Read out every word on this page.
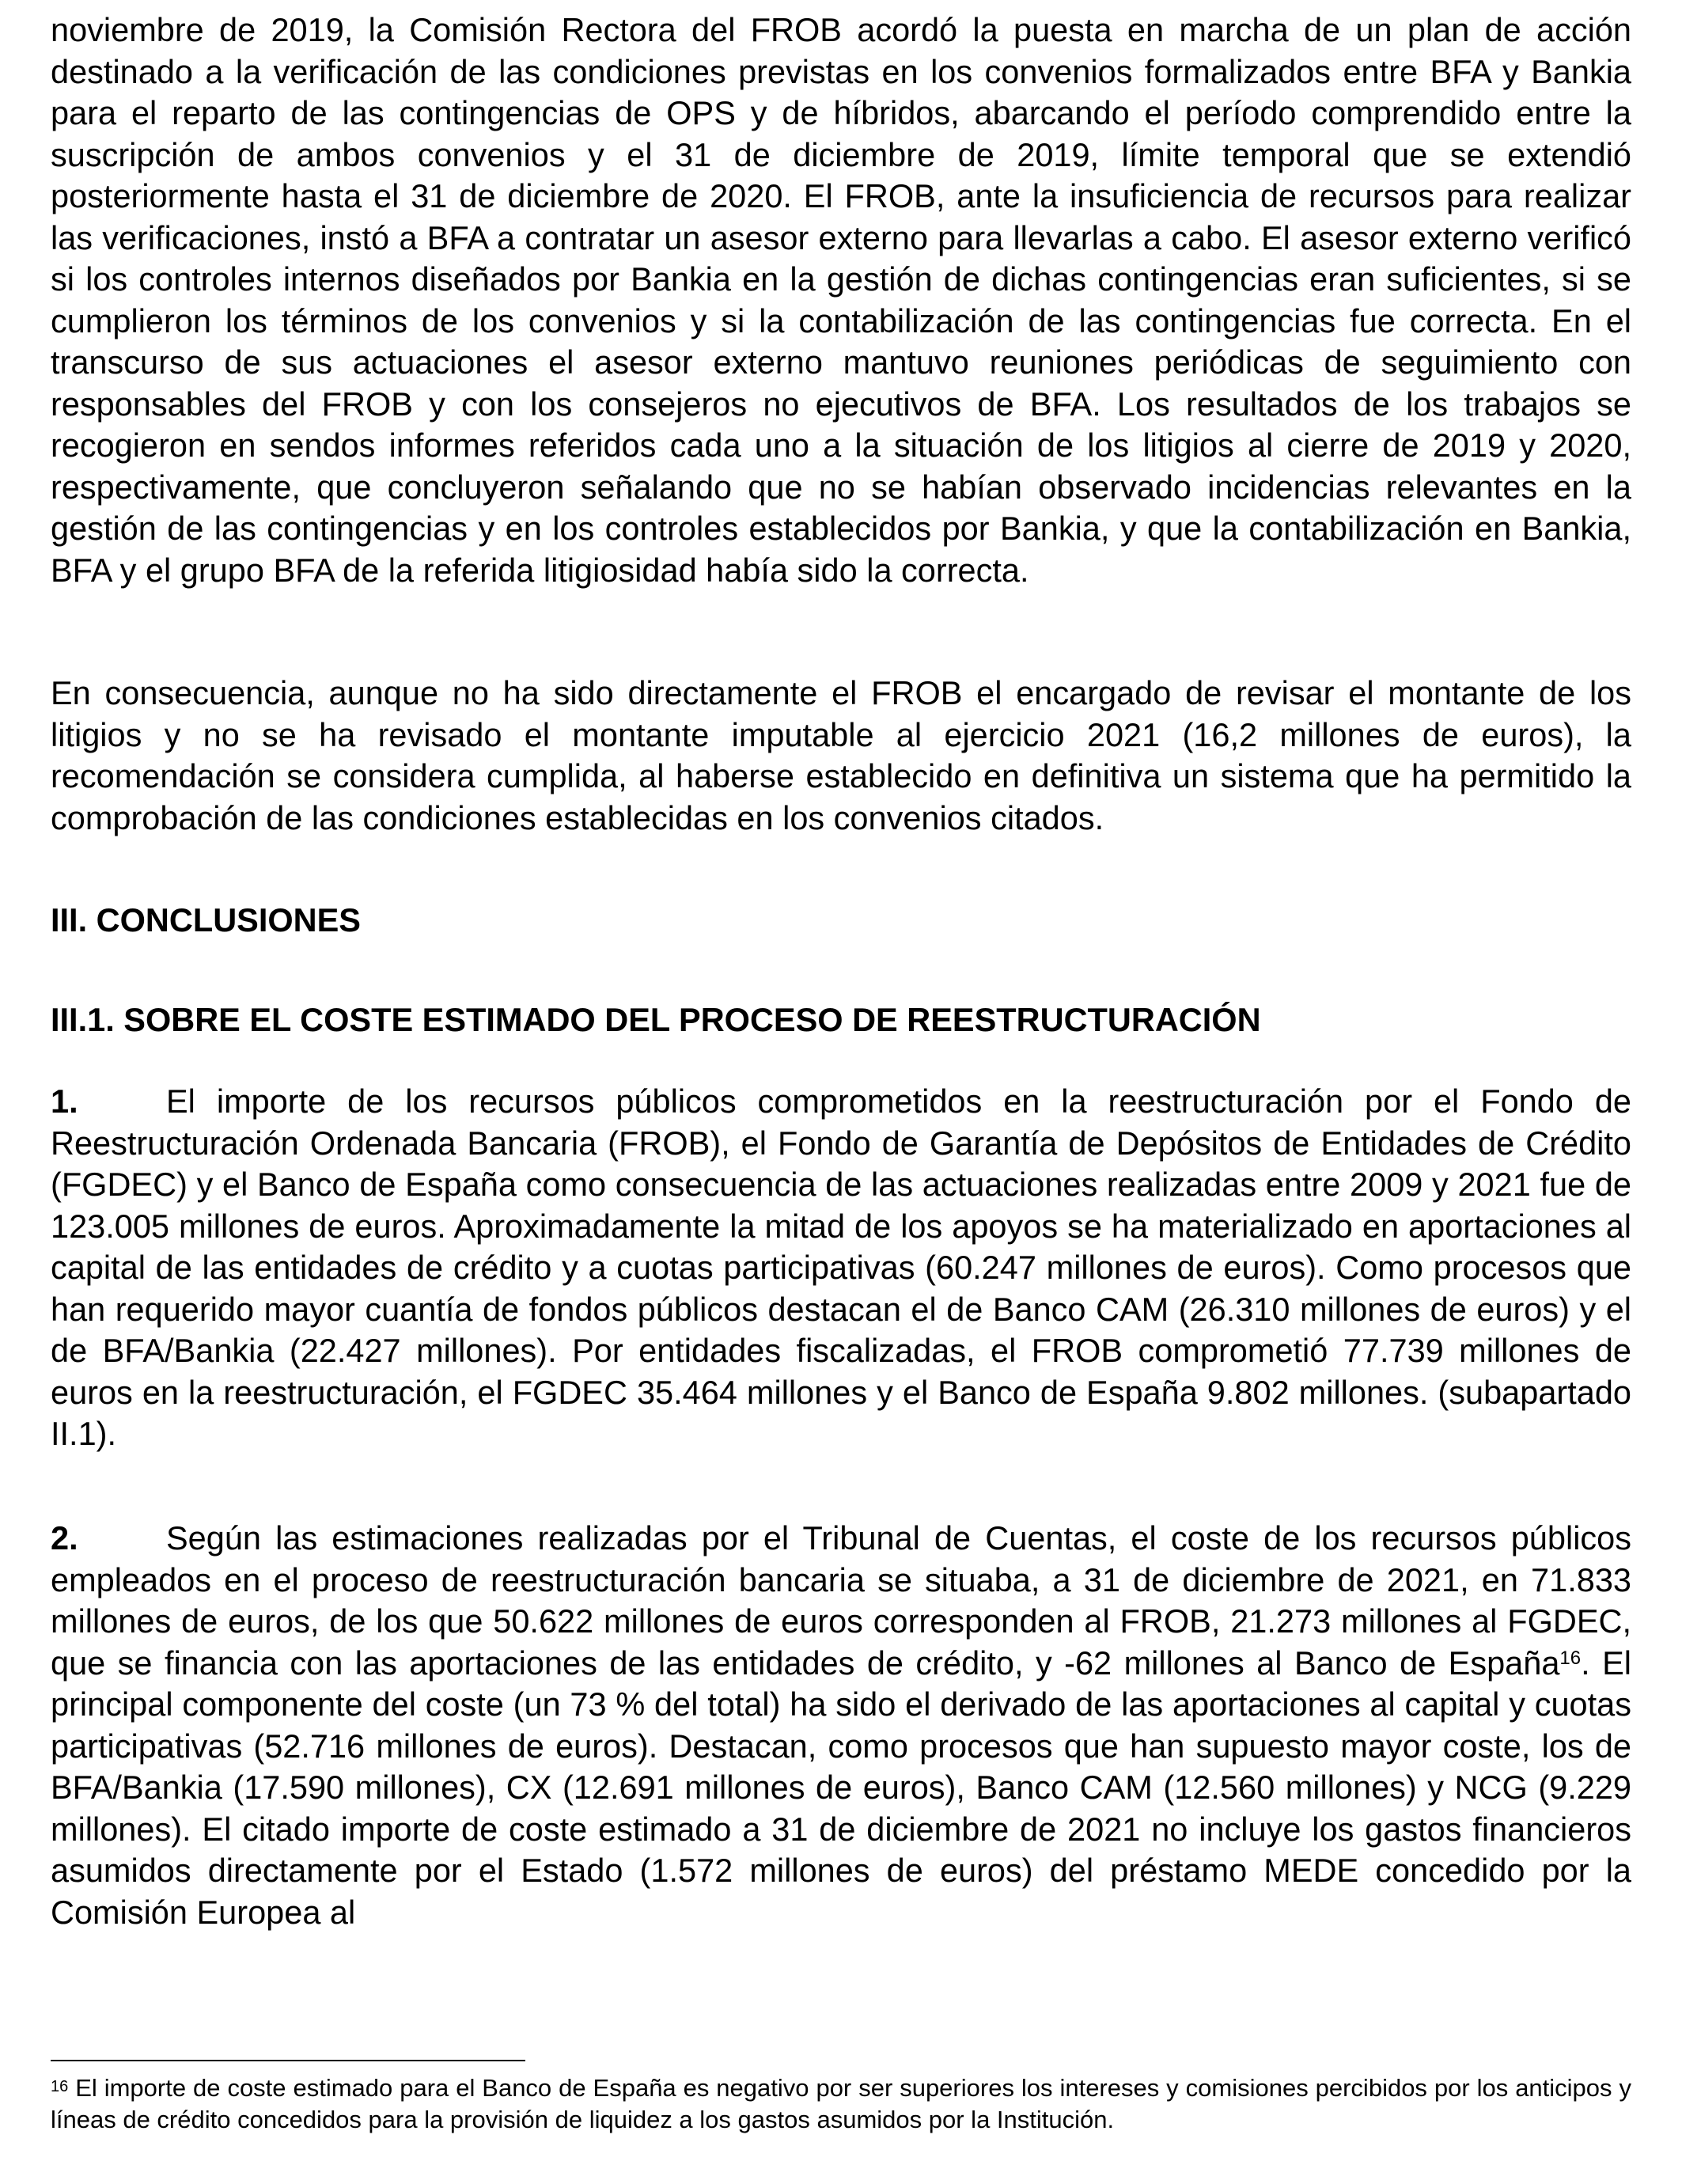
noviembre de 2019, la Comisión Rectora del FROB acordó la puesta en marcha de un plan de acción destinado a la verificación de las condiciones previstas en los convenios formalizados entre BFA y Bankia para el reparto de las contingencias de OPS y de híbridos, abarcando el período comprendido entre la suscripción de ambos convenios y el 31 de diciembre de 2019, límite temporal que se extendió posteriormente hasta el 31 de diciembre de 2020. El FROB, ante la insuficiencia de recursos para realizar las verificaciones, instó a BFA a contratar un asesor externo para llevarlas a cabo. El asesor externo verificó si los controles internos diseñados por Bankia en la gestión de dichas contingencias eran suficientes, si se cumplieron los términos de los convenios y si la contabilización de las contingencias fue correcta. En el transcurso de sus actuaciones el asesor externo mantuvo reuniones periódicas de seguimiento con responsables del FROB y con los consejeros no ejecutivos de BFA. Los resultados de los trabajos se recogieron en sendos informes referidos cada uno a la situación de los litigios al cierre de 2019 y 2020, respectivamente, que concluyeron señalando que no se habían observado incidencias relevantes en la gestión de las contingencias y en los controles establecidos por Bankia, y que la contabilización en Bankia, BFA y el grupo BFA de la referida litigiosidad había sido la correcta.

En consecuencia, aunque no ha sido directamente el FROB el encargado de revisar el montante de los litigios y no se ha revisado el montante imputable al ejercicio 2021 (16,2 millones de euros), la recomendación se considera cumplida, al haberse establecido en definitiva un sistema que ha permitido la comprobación de las condiciones establecidas en los convenios citados.

III. CONCLUSIONES
III.1. SOBRE EL COSTE ESTIMADO DEL PROCESO DE REESTRUCTURACIÓN

1.	El importe de los recursos públicos comprometidos en la reestructuración por el Fondo de Reestructuración Ordenada Bancaria (FROB), el Fondo de Garantía de Depósitos de Entidades de Crédito (FGDEC) y el Banco de España como consecuencia de las actuaciones realizadas entre 2009 y 2021 fue de 123.005 millones de euros. Aproximadamente la mitad de los apoyos se ha materializado en aportaciones al capital de las entidades de crédito y a cuotas participativas (60.247 millones de euros). Como procesos que han requerido mayor cuantía de fondos públicos destacan el de Banco CAM (26.310 millones de euros) y el de BFA/Bankia (22.427 millones). Por entidades fiscalizadas, el FROB comprometió 77.739 millones de euros en la reestructuración, el FGDEC 35.464 millones y el Banco de España 9.802 millones. (subapartado II.1).

2.	Según las estimaciones realizadas por el Tribunal de Cuentas, el coste de los recursos públicos empleados en el proceso de reestructuración bancaria se situaba, a 31 de diciembre de 2021, en 71.833 millones de euros, de los que 50.622 millones de euros corresponden al FROB, 21.273 millones al FGDEC, que se financia con las aportaciones de las entidades de crédito, y -62 millones al Banco de España$^{16}$. El principal componente del coste (un 73 % del total) ha sido el derivado de las aportaciones al capital y cuotas participativas (52.716 millones de euros). Destacan, como procesos que han supuesto mayor coste, los de BFA/Bankia (17.590 millones), CX (12.691 millones de euros), Banco CAM (12.560 millones) y NCG (9.229 millones). El citado importe de coste estimado a 31 de diciembre de 2021 no incluye los gastos financieros asumidos directamente por el Estado (1.572 millones de euros) del préstamo MEDE concedido por la Comisión Europea al

$^{16}$ El importe de coste estimado para el Banco de España es negativo por ser superiores los intereses y comisiones percibidos por los anticipos y líneas de crédito concedidos para la provisión de liquidez a los gastos asumidos por la Institución.
